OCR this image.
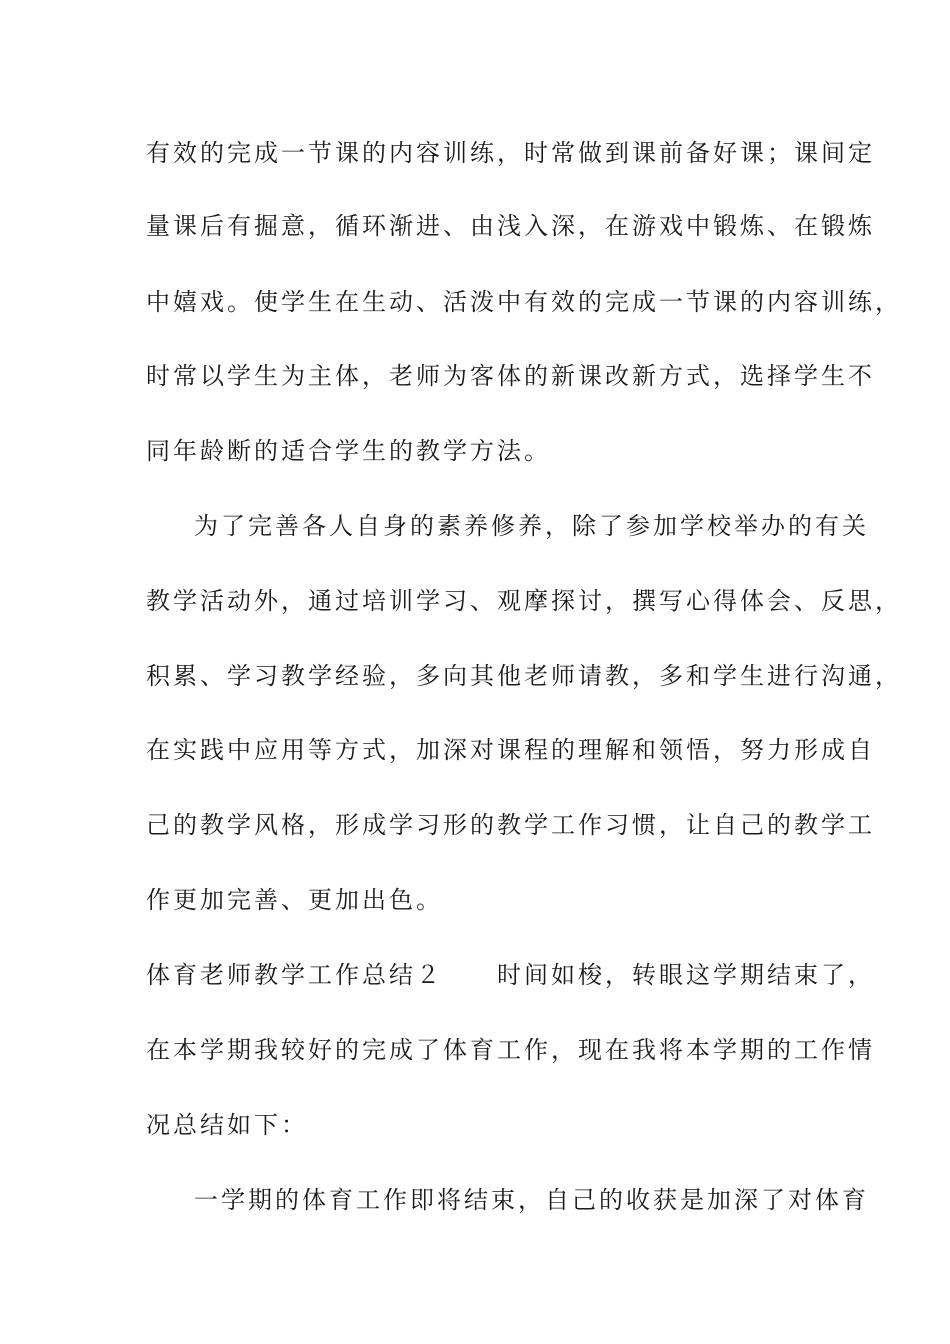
有效的完成一节课的内容训练，时常做到课前备好课；课间定
量课后有掘意，循环渐进、由浅入深，在游戏中锻炼、在锻炼
中嬉戏。使学生在生动、活泼中有效的完成一节课的内容训练，
时常以学生为主体，老师为客体的新课改新方式，选择学生不
同年龄断的适合学生的教学方法。
为了完善各人自身的素养修养，除了参加学校举办的有关
教学活动外，通过培训学习、观摩探讨，撰写心得体会、反思，
积累、学习教学经验，多向其他老师请教，多和学生进行沟通，
在实践中应用等方式，加深对课程的理解和领悟，努力形成自
己的教学风格，形成学习形的教学工作习惯，让自己的教学工
作更加完善、更加出色。
体育老师教学工作总结２　　时间如梭，转眼这学期结束了，
在本学期我较好的完成了体育工作，现在我将本学期的工作情
况总结如下：
一学期的体育工作即将结束，自己的收获是加深了对体育
